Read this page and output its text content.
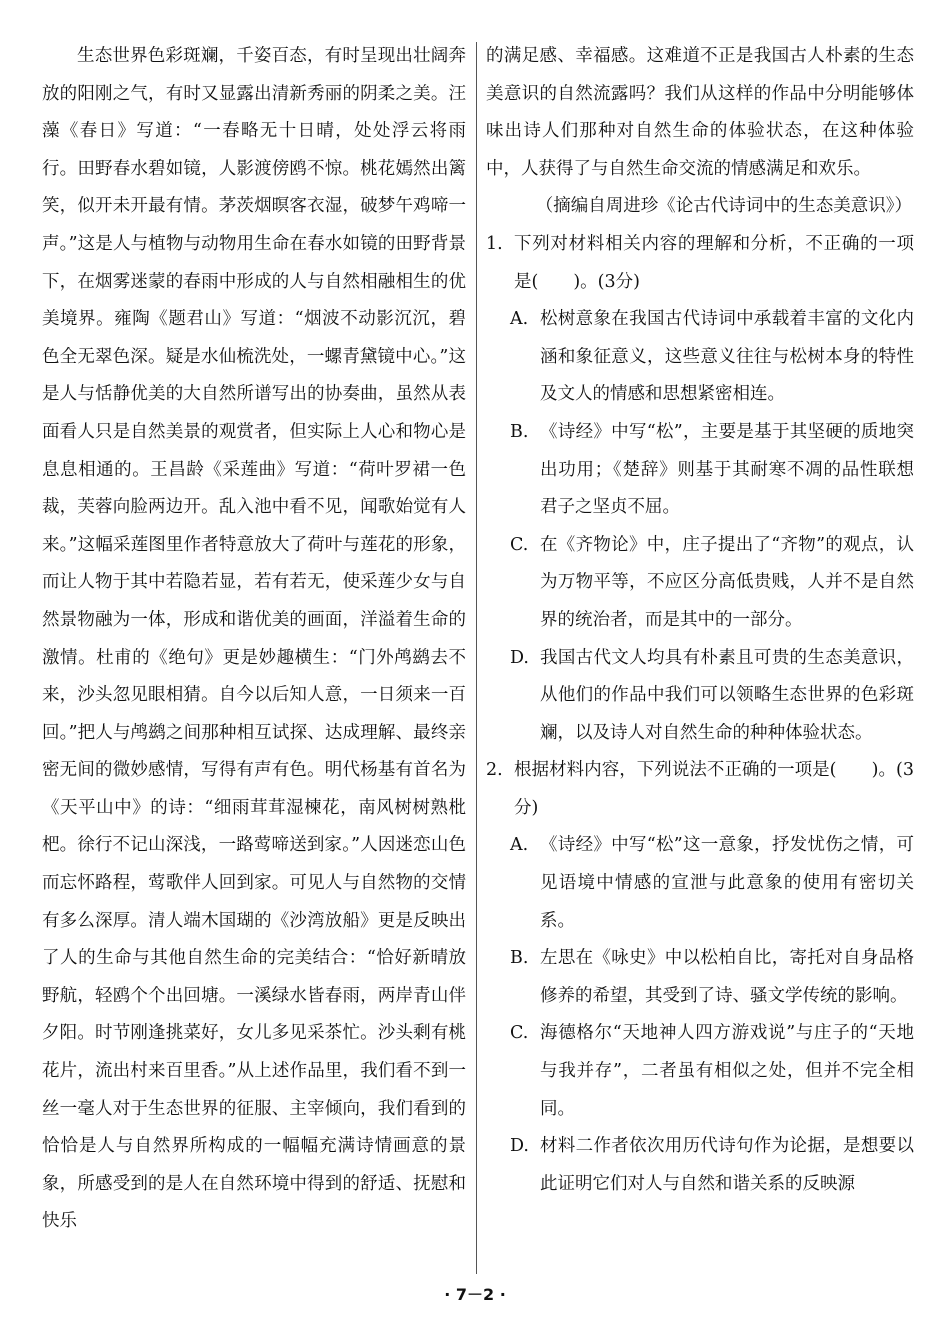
生态世界色彩斑斓，千姿百态，有时呈现出壮阔奔放的阳刚之气，有时又显露出清新秀丽的阴柔之美。汪藻《春日》写道：“一春略无十日晴，处处浮云将雨行。田野春水碧如镜，人影渡傍鸥不惊。桃花嫣然出篱笑，似开未开最有情。茅茨烟暝客衣湿，破梦午鸡啼一声。”这是人与植物与动物用生命在春水如镜的田野背景下，在烟雾迷蒙的春雨中形成的人与自然相融相生的优美境界。雍陶《题君山》写道：“烟波不动影沉沉，碧色全无翠色深。疑是水仙梳洗处，一螺青黛镜中心。”这是人与恬静优美的大自然所谱写出的协奏曲，虽然从表面看人只是自然美景的观赏者，但实际上人心和物心是息息相通的。王昌龄《采莲曲》写道：“荷叶罗裙一色裁，芙蓉向脸两边开。乱入池中看不见，闻歌始觉有人来。”这幅采莲图里作者特意放大了荷叶与莲花的形象，而让人物于其中若隐若显，若有若无，使采莲少女与自然景物融为一体，形成和谐优美的画面，洋溢着生命的激情。杜甫的《绝句》更是妙趣横生：“门外鸬鹚去不来，沙头忽见眼相猜。自今以后知人意，一日须来一百回。”把人与鸬鹚之间那种相互试探、达成理解、最终亲密无间的微妙感情，写得有声有色。明代杨基有首名为《天平山中》的诗：“细雨茸茸湿楝花，南风树树熟枇杷。徐行不记山深浅，一路莺啼送到家。”人因迷恋山色而忘怀路程，莺歌伴人回到家。可见人与自然物的交情有多么深厚。清人端木国瑚的《沙湾放船》更是反映出了人的生命与其他自然生命的完美结合：“恰好新晴放野航，轻鸥个个出回塘。一溪绿水皆春雨，两岸青山伴夕阳。时节刚逢挑菜好，女儿多见采茶忙。沙头剩有桃花片，流出村来百里香。”从上述作品里，我们看不到一丝一毫人对于生态世界的征服、主宰倾向，我们看到的恰恰是人与自然界所构成的一幅幅充满诗情画意的景象，所感受到的是人在自然环境中得到的舒适、抚慰和快乐

的满足感、幸福感。这难道不正是我国古人朴素的生态美意识的自然流露吗？我们从这样的作品中分明能够体味出诗人们那种对自然生命的体验状态，在这种体验中，人获得了与自然生命交流的情感满足和欢乐。

（摘编自周进珍《论古代诗词中的生态美意识》）

1. 下列对材料相关内容的理解和分析，不正确的一项是(　　)。(3分)

A. 松树意象在我国古代诗词中承载着丰富的文化内涵和象征意义，这些意义往往与松树本身的特性及文人的情感和思想紧密相连。

B. 《诗经》中写“松”，主要是基于其坚硬的质地突出功用；《楚辞》则基于其耐寒不凋的品性联想君子之坚贞不屈。

C. 在《齐物论》中，庄子提出了“齐物”的观点，认为万物平等，不应区分高低贵贱，人并不是自然界的统治者，而是其中的一部分。

D. 我国古代文人均具有朴素且可贵的生态美意识，从他们的作品中我们可以领略生态世界的色彩斑斓，以及诗人对自然生命的种种体验状态。

2. 根据材料内容，下列说法不正确的一项是(　　)。(3分)

A. 《诗经》中写“松”这一意象，抒发忧伤之情，可见语境中情感的宣泄与此意象的使用有密切关系。

B. 左思在《咏史》中以松柏自比，寄托对自身品格修养的希望，其受到了诗、骚文学传统的影响。

C. 海德格尔“天地神人四方游戏说”与庄子的“天地与我并存”，二者虽有相似之处，但并不完全相同。

D. 材料二作者依次用历代诗句作为论据，是想要以此证明它们对人与自然和谐关系的反映源

· 7－2 ·
